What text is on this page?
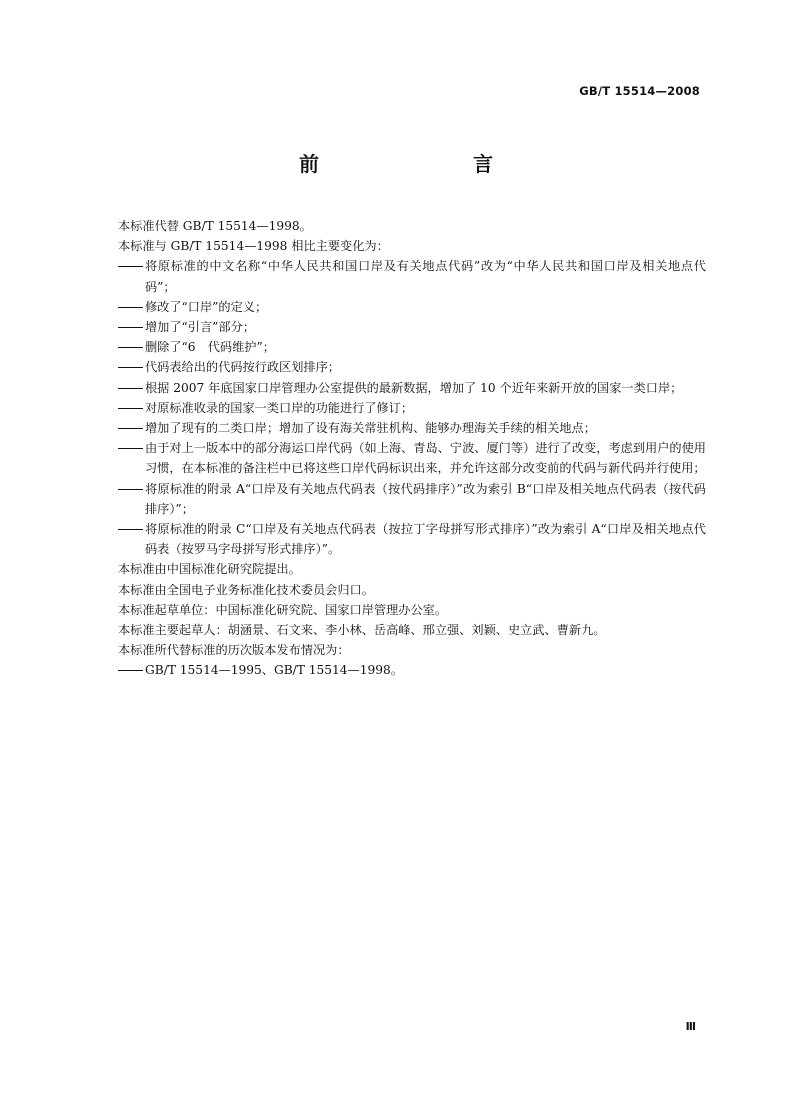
GB/T 15514—2008
前　　言

本标准代替 GB/T 15514—1998。

本标准与 GB/T 15514—1998 相比主要变化为：

将原标准的中文名称“中华人民共和国口岸及有关地点代码”改为“中华人民共和国口岸及相关地点代码”；
修改了“口岸”的定义；
增加了“引言”部分；
删除了“6　代码维护”；
代码表给出的代码按行政区划排序；
根据 2007 年底国家口岸管理办公室提供的最新数据，增加了 10 个近年来新开放的国家一类口岸；
对原标准收录的国家一类口岸的功能进行了修订；
增加了现有的二类口岸；增加了设有海关常驻机构、能够办理海关手续的相关地点；
由于对上一版本中的部分海运口岸代码（如上海、青岛、宁波、厦门等）进行了改变，考虑到用户的使用习惯，在本标准的备注栏中已将这些口岸代码标识出来，并允许这部分改变前的代码与新代码并行使用；
将原标准的附录 A“口岸及有关地点代码表（按代码排序）”改为索引 B“口岸及相关地点代码表（按代码排序）”；
将原标准的附录 C“口岸及有关地点代码表（按拉丁字母拼写形式排序）”改为索引 A“口岸及相关地点代码表（按罗马字母拼写形式排序）”。

本标准由中国标准化研究院提出。

本标准由全国电子业务标准化技术委员会归口。

本标准起草单位：中国标准化研究院、国家口岸管理办公室。

本标准主要起草人：胡涵景、石文来、李小林、岳高峰、邢立强、刘颖、史立武、曹新九。

本标准所代替标准的历次版本发布情况为：

GB/T 15514—1995、GB/T 15514—1998。
Ⅲ
